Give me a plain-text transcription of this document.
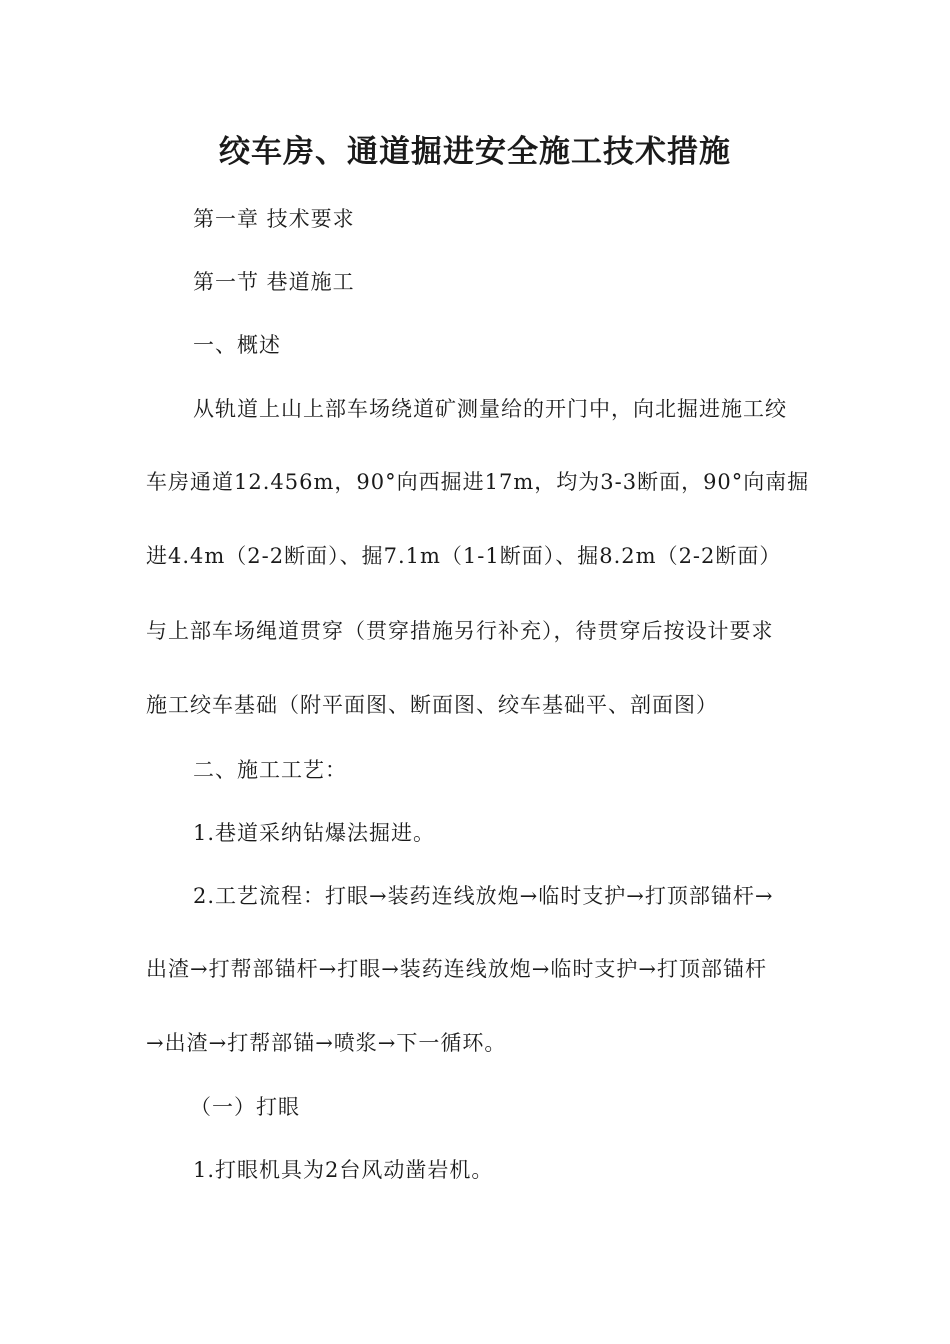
绞车房、通道掘进安全施工技术措施
第一章 技术要求
第一节 巷道施工
一、概述
从轨道上山上部车场绕道矿测量给的开门中，向北掘进施工绞
车房通道12.456m，90°向西掘进17m，均为3-3断面，90°向南掘
进4.4m（2-2断面）、掘7.1m（1-1断面）、掘8.2m（2-2断面）
与上部车场绳道贯穿（贯穿措施另行补充），待贯穿后按设计要求
施工绞车基础（附平面图、断面图、绞车基础平、剖面图）
二、施工工艺：
1.巷道采纳钻爆法掘进。
2.工艺流程：打眼→装药连线放炮→临时支护→打顶部锚杆→
出渣→打帮部锚杆→打眼→装药连线放炮→临时支护→打顶部锚杆
→出渣→打帮部锚→喷浆→下一循环。
（一）打眼
1.打眼机具为2台风动凿岩机。
